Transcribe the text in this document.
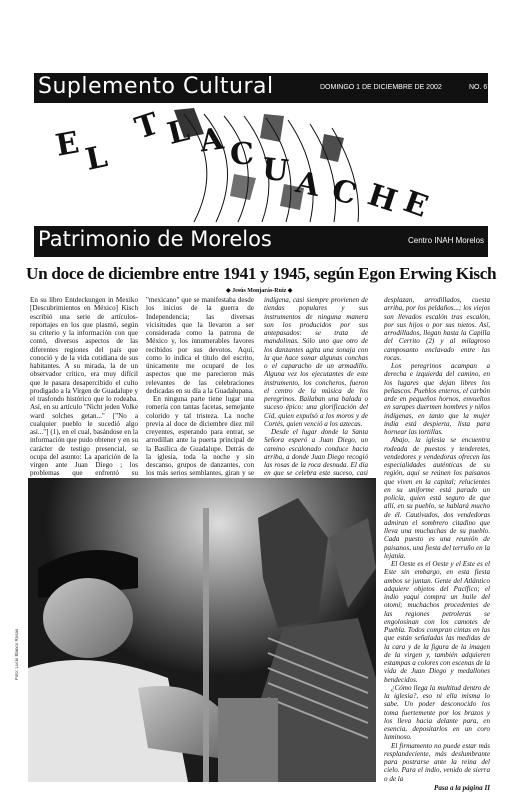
Suplemento Cultural	DOMINGO 1 DE DICIEMBRE DE 2002	NO. 67
E L
T L A C U A C H
E
Patrimonio de Morelos	Centro INAH Morelos
Un doce de diciembre entre 1941 y 1945, según Egon Erwing Kisch
◆ Jesús Monjarás-Ruiz ◆

En su libro Entdeckungen in Mexiko [Descubrimientos en México] Kisch escribió una serie de artículos-reportajes en los que plasmó, según su criterio y la información con que contó, diversos aspectos de las diferentes regiones del país que conoció y de la vida cotidiana de sus habitantes. A su mirada, la de un observador crítico, era muy difícil que le pasara desapercibido el culto prodigado a la Virgen de Guadalupe y el trasfondo histórico que lo rodeaba. Así, en su artículo "Nicht jeden Volke ward solches getan..." ["No a cualquier pueblo le sucedió algo así..."] (1), en el cual, basándose en la información que pudo obtener y en su carácter de testigo presencial, se ocupa del asunto: La aparición de la virgen ante Juan Diego ; los problemas que enfrentó su

"mexicano" que se manifestaba desde los inicios de la guerra de Independencia; las diversas vicisitudes que la llevaron a ser considerada como la patrona de México y, los innumerables favores recibidos por sus devotos. Aquí, como lo indica el título del escrito, únicamente me ocuparé de los aspectos que me parecieron más relevantes de las celebraciones dedicadas en su día a la Guadalupana.

En ninguna parte tiene lugar una romería con tantas facetas, semejante colorido y tal tristeza. La noche previa al doce de diciembre diez mil creyentes, esperando para entrar, se arrodillan ante la puerta principal de la Basílica de Guadalupe. Detrás de la iglesia, toda la noche y sin descanso, grupos de danzantes, con los más serios semblantes, giran y se

indígena, casi siempre provienen de tiendas populares y sus instrumentos de ninguna manera son los producidos por sus antepasados: se trata de mandolinas. Sólo uno que otro de los danzantes agita una sonaja con la que hace sonar algunas conchas o el caparacho de un armadillo. Alguna vez los ejecutantes de este instrumento, los concheros, fueron el centro de la música de los peregrinos. Bailaban una balada o suceso épico: una glorificación del Cid, quien expulsó a los moros y de Cortés, quien venció a los aztecas.

Desde el lugar donde la Santa Señora esperó a Juan Diego, un camino escalonado conduce hacia arriba, a donde Juan Diego recogió las rosas de la roca desnuda. El día en que se celebra este suceso, casi

desplazan, arrodillados, cuesta arriba, por los peldaños...; los viejos son llevados escalón tras escalón, por sus hijos o por sus nietos. Así, arrodillados, llegan hasta la Capilla del Cerrito (2) y al milagroso camposanto enclavado entre las rocas.

Los peregrinos acampan a derecha e izquierda del camino, en los lugares que dejan libres los peñascos. Pueblos enteros, el carbón arde en pequeños hornos, envueltos en sarapes duermen hombres y niños indígenas, en tanto que la mujer india está despierta, lista para hornear las tortillas.

Abajo, la iglesia se encuentra rodeada de puestos y tenderetes, vendedores y vendedoras ofrecen las especialidades auténticas de su región, aquí se reúnen los paisanos que viven en la capital; relucientes en su uniforme está parado un policía, quien está seguro de que allí, en su pueblo, se hablará mucho de él. Cautivados, dos vendedoras admiran el sombrero citadino que lleva una muchachas de su pueblo. Cada puesto es una reunión de paisanos, una fiesta del terruño en la lejanía.

El Oeste es el Oeste y el Este es el Este sin embargo, en esta fiesta ambos se juntan. Gente del Atlántico adquiere objetos del Pacífico; el indio yaqui compra un huile del otomí; muchachos procedentes de las regiones petroleras se engolosinan con los camotes de Puebla. Todos compran cintas en las que están señaladas las medidas de la cara y de la figura de la imagen de la virgen y, también adquieren estampas a colores con escenas de la vida de Juan Diego y medallones bendecidos.

¿Cómo llega la multitud dentro de la iglesia?, eso ni ella misma lo sabe. Un poder desconocido los toma fuertemente por los brazos y los lleva hacia delante para, en esencia, depositarlos en un coro luminoso.

El firmamento no puede estar más resplandeciente, más deslumbrante para postrarse ante la reina del cielo. Para el indio, venido de sierra o de la

Pasa a la página II
Foto: Lucio Blanco Rosas
